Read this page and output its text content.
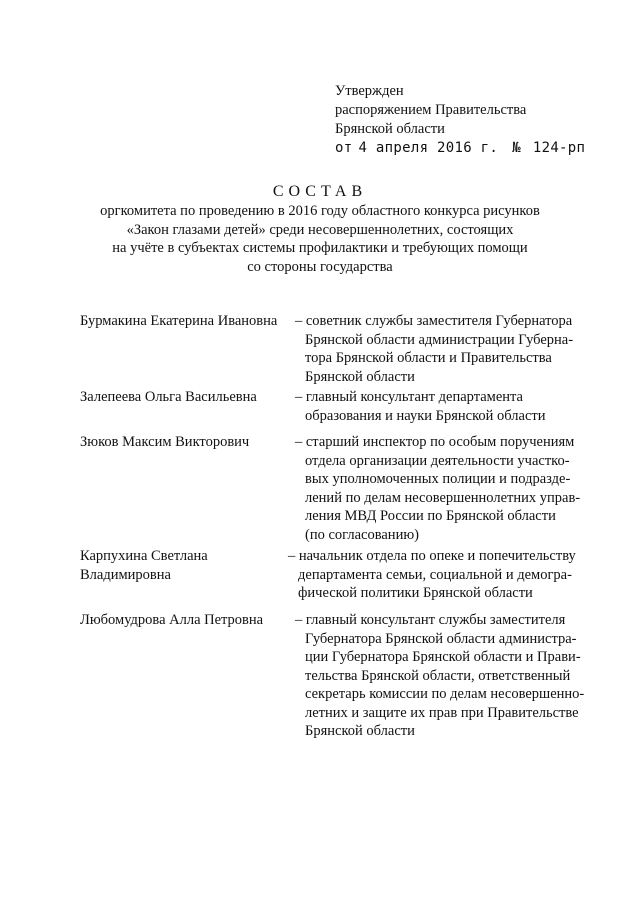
Утвержден
распоряжением Правительства
Брянской области
от 4 апреля 2016 г. № 124-рп
СОСТАВ
оргкомитета по проведению в 2016 году областного конкурса рисунков
«Закон глазами детей» среди несовершеннолетних, состоящих
на учёте в субъектах системы профилактики и требующих помощи
со стороны государства
Бурмакина Екатерина Ивановна	– советник службы заместителя Губернатора
Брянской области администрации Губерна-
тора Брянской области и Правительства
Брянской области
Залепеева Ольга Васильевна	– главный консультант департамента
образования и науки Брянской области
Зюков Максим Викторович	– старший инспектор по особым поручениям
отдела организации деятельности участко-
вых уполномоченных полиции и подразде-
лений по делам несовершеннолетних управ-
ления МВД России по Брянской области
(по согласованию)
Карпухина Светлана
Владимировна
– начальник отдела по опеке и попечительству
департамента семьи, социальной и демогра-
фической политики Брянской области
Любомудрова Алла Петровна	– главный консультант службы заместителя
Губернатора Брянской области администра-
ции Губернатора Брянской области и Прави-
тельства Брянской области, ответственный
секретарь комиссии по делам несовершенно-
летних и защите их прав при Правительстве
Брянской области
